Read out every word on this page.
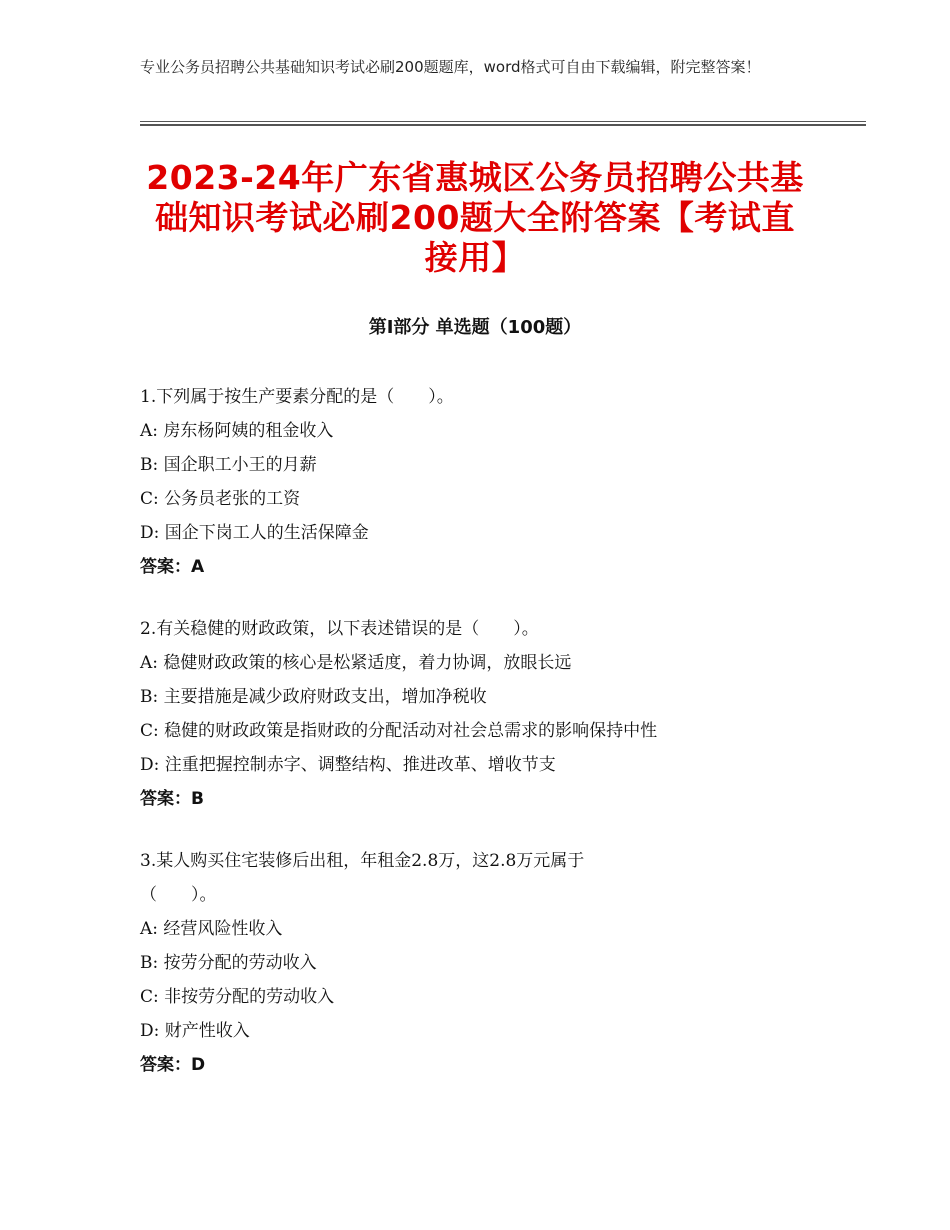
专业公务员招聘公共基础知识考试必刷200题题库，word格式可自由下载编辑，附完整答案！
2023-24年广东省惠城区公务员招聘公共基
础知识考试必刷200题大全附答案【考试直
接用】
第Ⅰ部分 单选题（100题）
1.下列属于按生产要素分配的是（　　）。
A: 房东杨阿姨的租金收入
B: 国企职工小王的月薪
C: 公务员老张的工资
D: 国企下岗工人的生活保障金
答案：A
2.有关稳健的财政政策，以下表述错误的是（　　）。
A: 稳健财政政策的核心是松紧适度，着力协调，放眼长远
B: 主要措施是减少政府财政支出，增加净税收
C: 稳健的财政政策是指财政的分配活动对社会总需求的影响保持中性
D: 注重把握控制赤字、调整结构、推进改革、增收节支
答案：B
3.某人购买住宅装修后出租，年租金2.8万，这2.8万元属于
（　　）。
A: 经营风险性收入
B: 按劳分配的劳动收入
C: 非按劳分配的劳动收入
D: 财产性收入
答案：D
